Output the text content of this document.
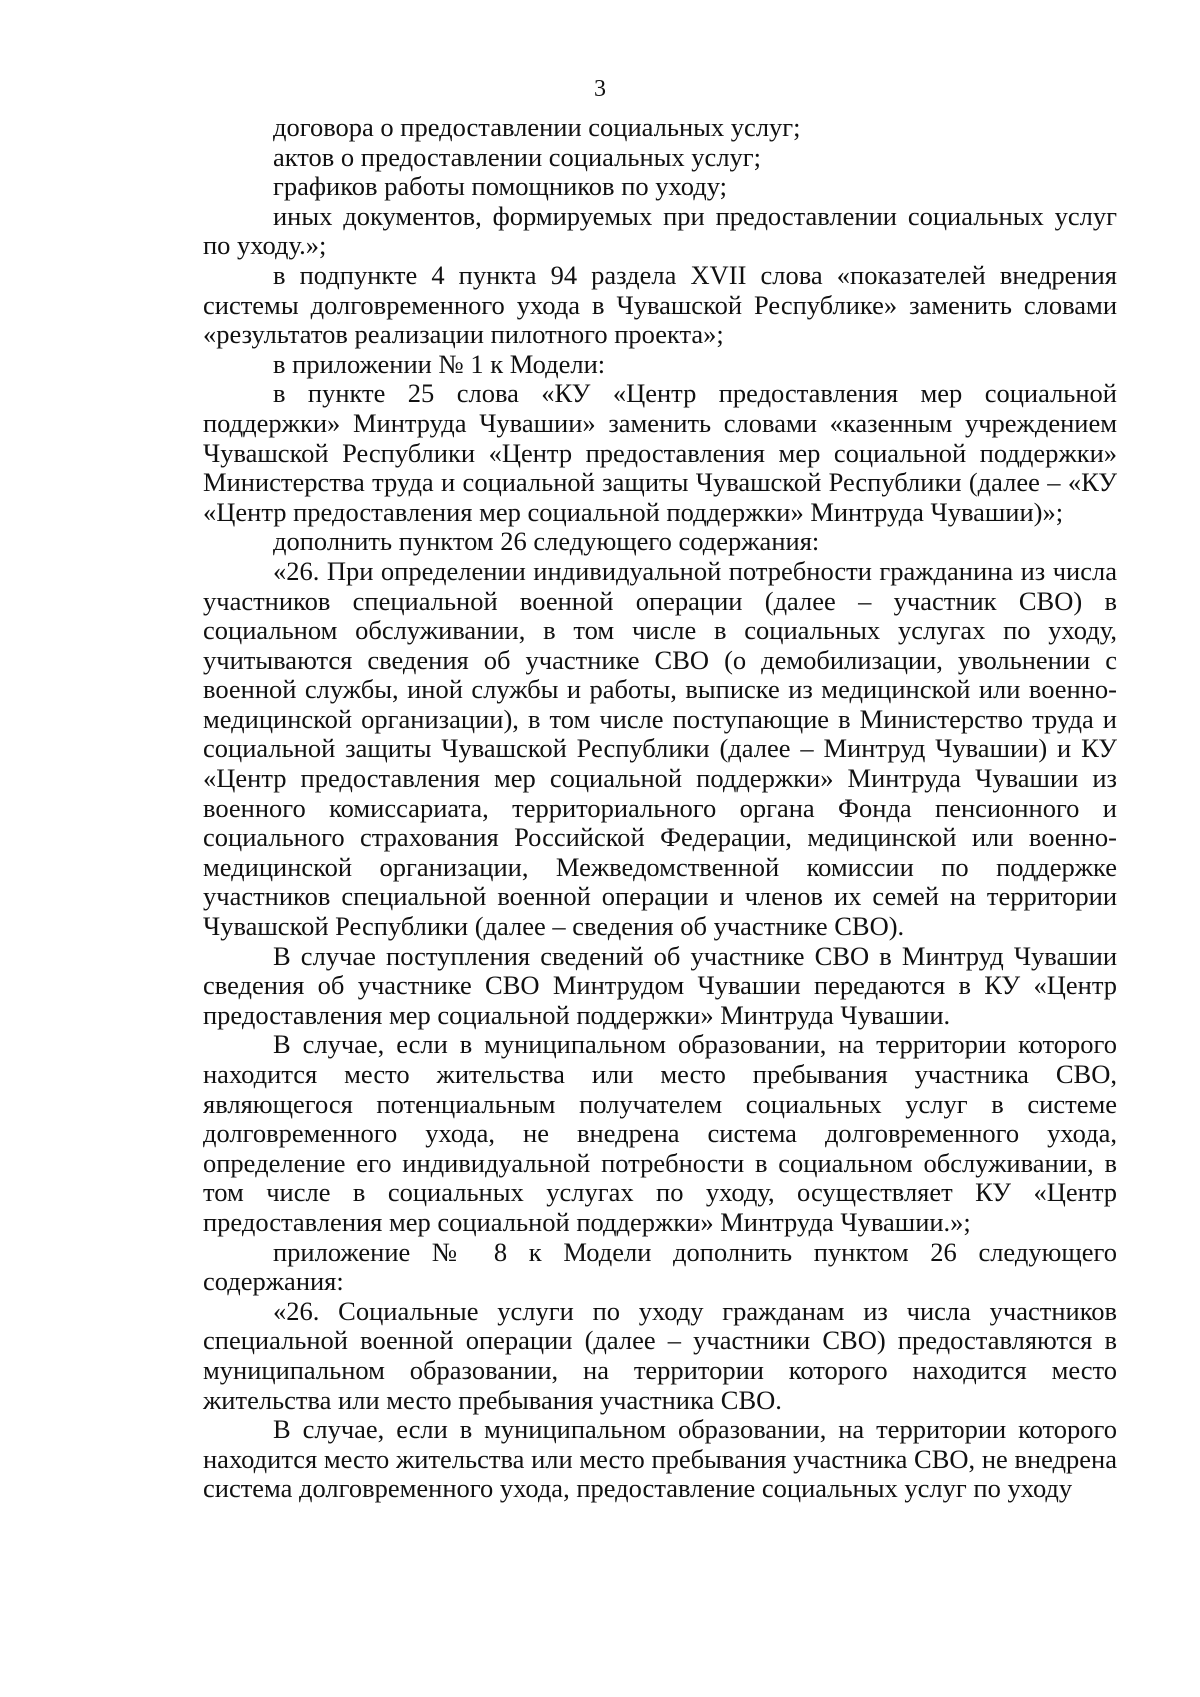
3

договора о предоставлении социальных услуг;

актов о предоставлении социальных услуг;

графиков работы помощников по уходу;

иных документов, формируемых при предоставлении социальных услуг по уходу.»;

в подпункте 4 пункта 94 раздела XVII слова «показателей внедрения системы долговременного ухода в Чувашской Республике» заменить словами «результатов реализации пилотного проекта»;

в приложении № 1 к Модели:

в пункте 25 слова «КУ «Центр предоставления мер социальной поддержки» Минтруда Чувашии» заменить словами «казенным учреждением Чувашской Республики «Центр предоставления мер социальной поддержки» Министерства труда и социальной защиты Чувашской Республики (далее – «КУ «Центр предоставления мер социальной поддержки» Минтруда Чувашии)»;

дополнить пунктом 26 следующего содержания:

«26. При определении индивидуальной потребности гражданина из числа участников специальной военной операции (далее – участник СВО) в социальном обслуживании, в том числе в социальных услугах по уходу, учитываются сведения об участнике СВО (о демобилизации, увольнении с военной службы, иной службы и работы, выписке из медицинской или военно-медицинской организации), в том числе поступающие в Министерство труда и социальной защиты Чувашской Республики (далее – Минтруд Чувашии) и КУ «Центр предоставления мер социальной поддержки» Минтруда Чувашии из военного комиссариата, территориального органа Фонда пенсионного и социального страхования Российской Федерации, медицинской или военно-медицинской организации, Межведомственной комиссии по поддержке участников специальной военной операции и членов их семей на территории Чувашской Республики (далее – сведения об участнике СВО).

В случае поступления сведений об участнике СВО в Минтруд Чувашии сведения об участнике СВО Минтрудом Чувашии передаются в КУ «Центр предоставления мер социальной поддержки» Минтруда Чувашии.

В случае, если в муниципальном образовании, на территории которого находится место жительства или место пребывания участника СВО, являющегося потенциальным получателем социальных услуг в системе долговременного ухода, не внедрена система долговременного ухода, определение его индивидуальной потребности в социальном обслуживании, в том числе в социальных услугах по уходу, осуществляет КУ «Центр предоставления мер социальной поддержки» Минтруда Чувашии.»;

приложение № 8 к Модели дополнить пунктом 26 следующего содержания:

«26. Социальные услуги по уходу гражданам из числа участников специальной военной операции (далее – участники СВО) предоставляются в муниципальном образовании, на территории которого находится место жительства или место пребывания участника СВО.

В случае, если в муниципальном образовании, на территории которого находится место жительства или место пребывания участника СВО, не внедрена система долговременного ухода, предоставление социальных услуг по уходу
